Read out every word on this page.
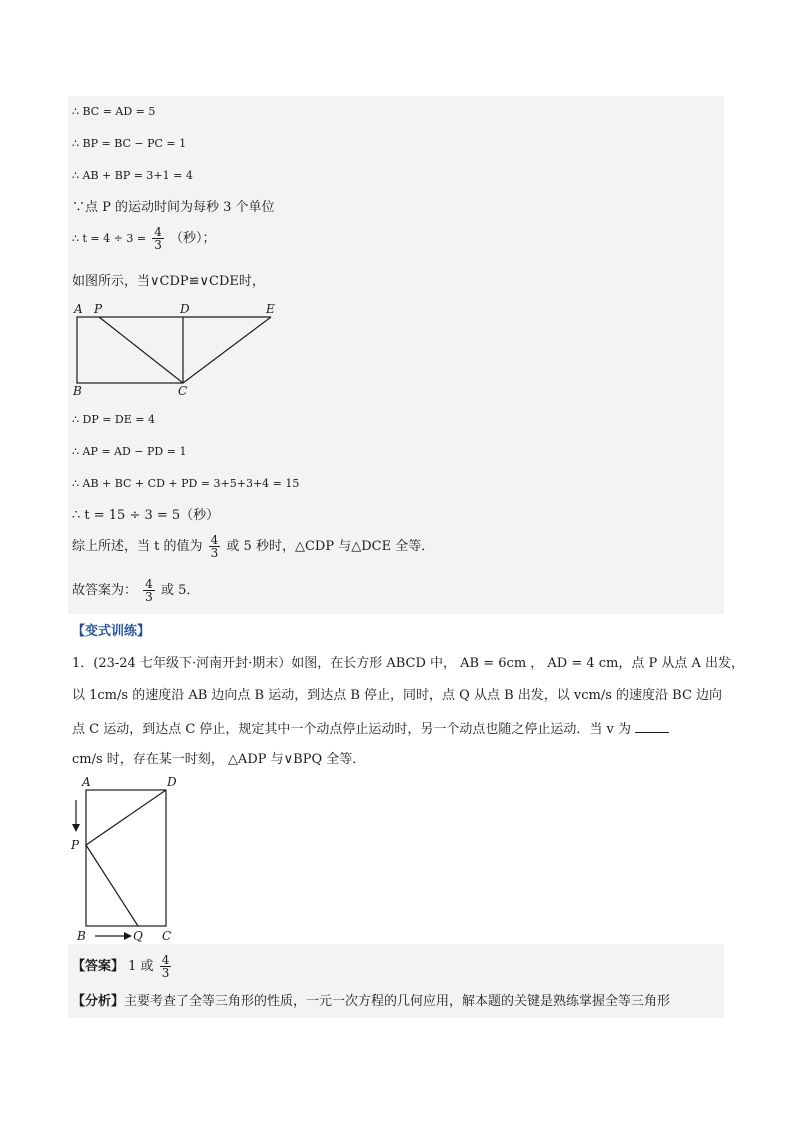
∴ BC = AD = 5
∴ BP = BC − PC = 1
∴ AB + BP = 3+1 = 4
∵点 P 的运动时间为每秒 3 个单位
∴ $t = 4 \div 3 = \frac{4}{3}$ （秒）；
如图所示，当∨CDP≌∨CDE时，
A P	D	E
B	C
∴ DP = DE = 4
∴ AP = AD − PD = 1
∴ AB + BC + CD + PD = 3+5+3+4 = 15
∴ t = 15 ÷ 3 = 5（秒）
综上所述，当 t 的值为 $\frac{4}{3}$ 或 5 秒时，△CDP 与△DCE 全等．
故答案为： $\frac{4}{3}$ 或 5．
【变式训练】
1．(23-24 七年级下·河南开封·期末）如图，在长方形 ABCD 中， AB = 6cm ， AD = 4 cm，点 P 从点 A 出发，
以 1cm/s 的速度沿 AB 边向点 B 运动，到达点 B 停止，同时，点 Q 从点 B 出发，以 vcm/s 的速度沿 BC 边向
点 C 运动，到达点 C 停止，规定其中一个动点停止运动时，另一个动点也随之停止运动．当 v 为
cm/s 时，存在某一时刻， △ADP 与∨BPQ 全等．
A	D
P
B	Q C
【答案】 1 或 $\frac{4}{3}$
【分析】主要考查了全等三角形的性质，一元一次方程的几何应用，解本题的关键是熟练掌握全等三角形
